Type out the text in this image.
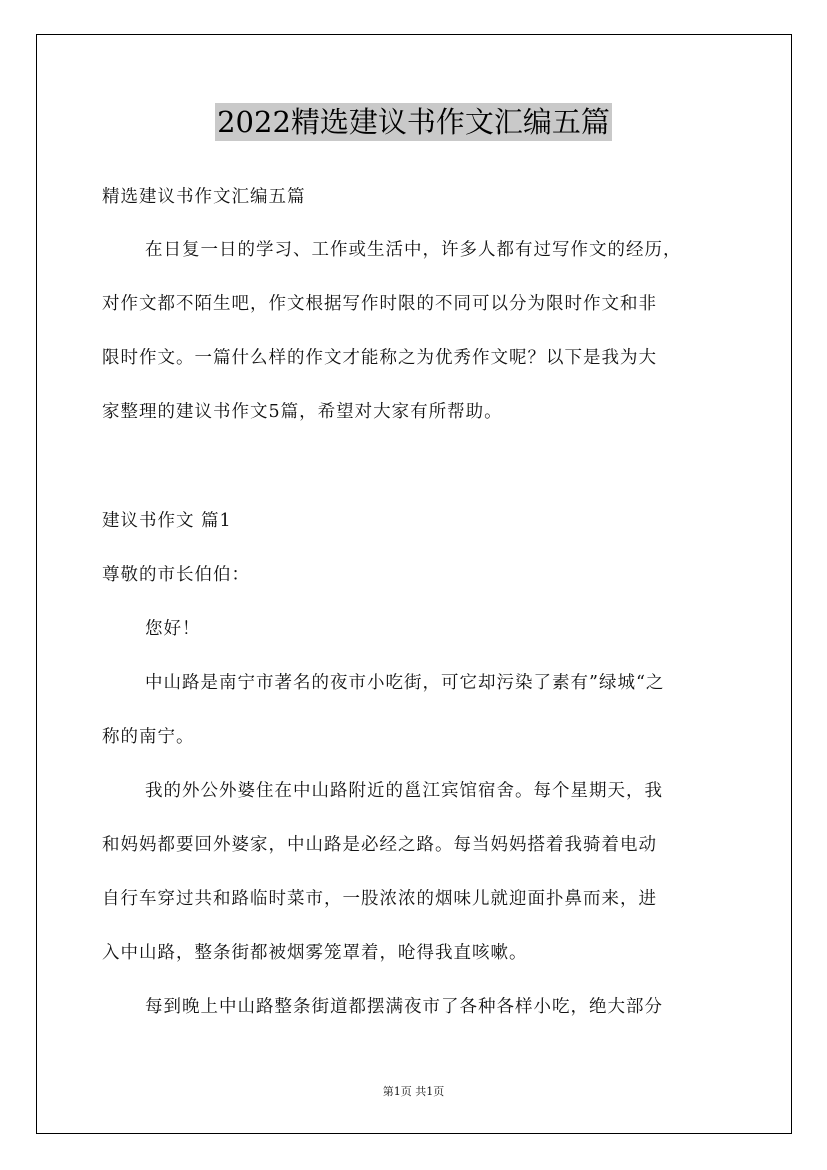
2022精选建议书作文汇编五篇
精选建议书作文汇编五篇
在日复一日的学习、工作或生活中，许多人都有过写作文的经历，
对作文都不陌生吧，作文根据写作时限的不同可以分为限时作文和非
限时作文。一篇什么样的作文才能称之为优秀作文呢？以下是我为大
家整理的建议书作文5篇，希望对大家有所帮助。
建议书作文 篇1
尊敬的市长伯伯：
您好！
中山路是南宁市著名的夜市小吃街，可它却污染了素有”绿城“之
称的南宁。
我的外公外婆住在中山路附近的邕江宾馆宿舍。每个星期天，我
和妈妈都要回外婆家，中山路是必经之路。每当妈妈搭着我骑着电动
自行车穿过共和路临时菜市，一股浓浓的烟味儿就迎面扑鼻而来，进
入中山路，整条街都被烟雾笼罩着，呛得我直咳嗽。
每到晚上中山路整条街道都摆满夜市了各种各样小吃，绝大部分
第1页 共1页
